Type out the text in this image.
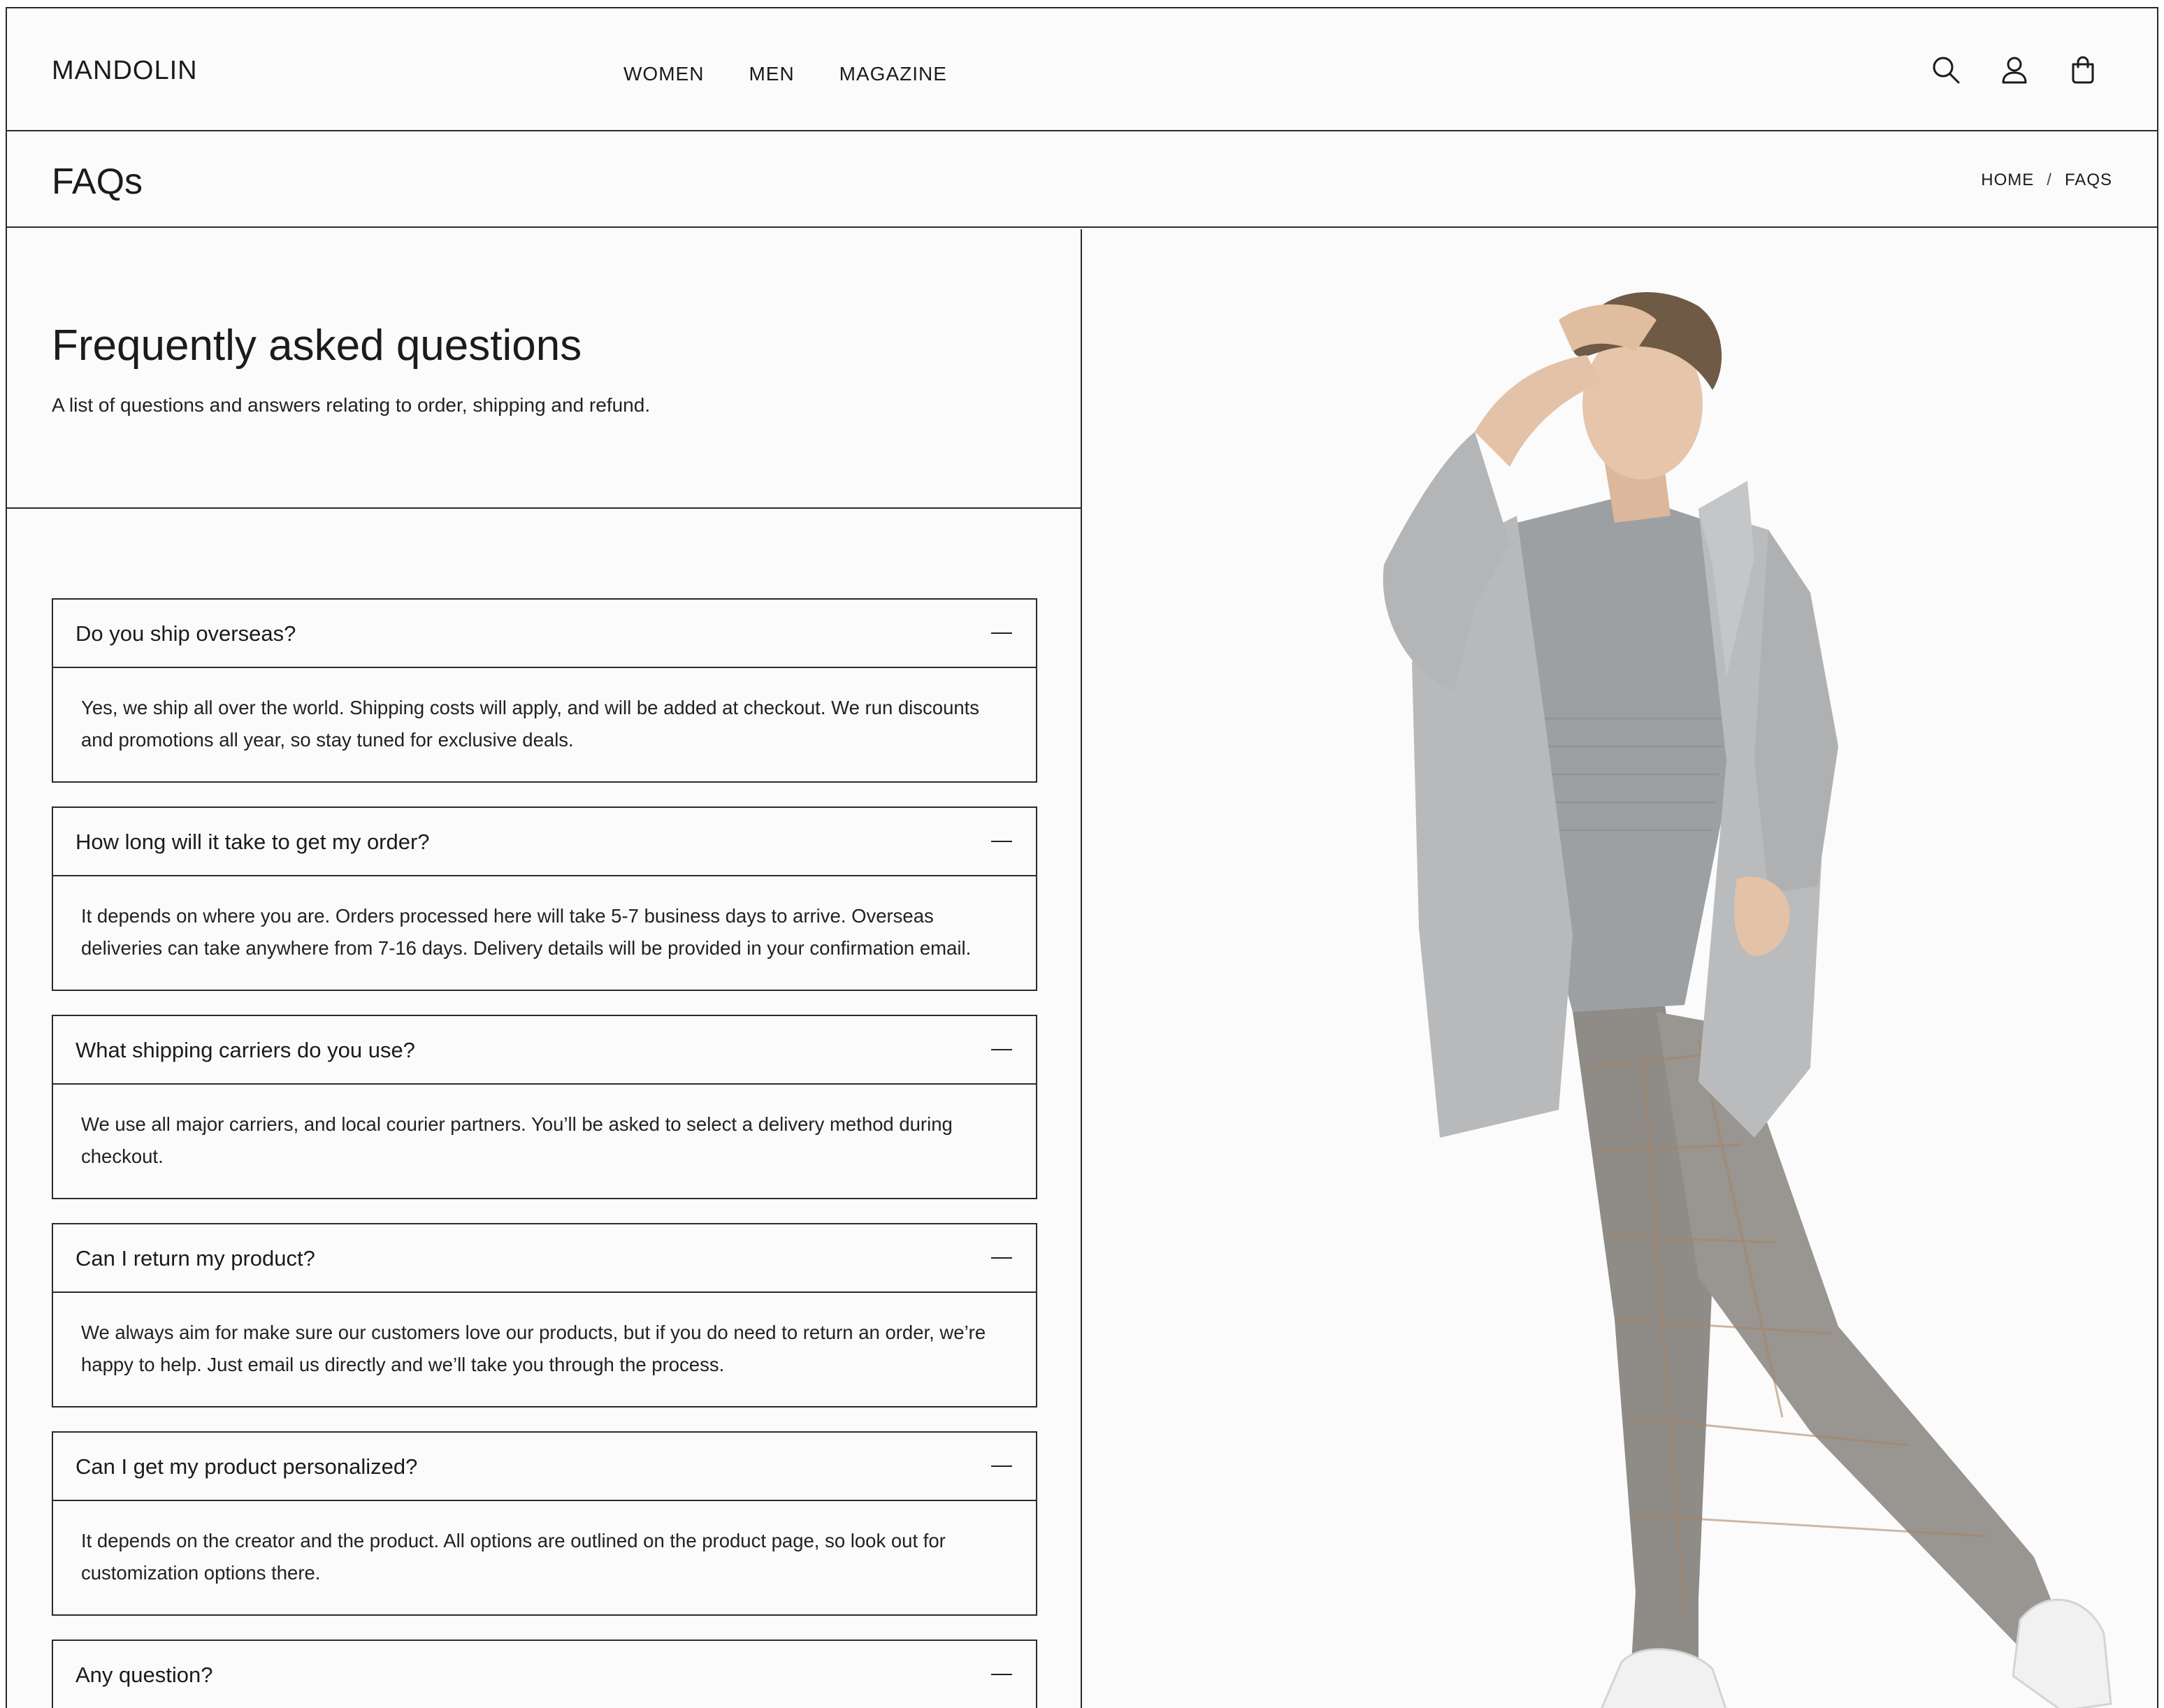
MANDOLIN	WOMEN MEN MAGAZINE
FAQs	HOME / FAQS
Frequently asked questions

A list of questions and answers relating to order, shipping and refund.

Do you ship overseas?
Yes, we ship all over the world. Shipping costs will apply, and will be added at checkout. We run discounts and promotions all year, so stay tuned for exclusive deals.
How long will it take to get my order?
It depends on where you are. Orders processed here will take 5-7 business days to arrive. Overseas deliveries can take anywhere from 7-16 days. Delivery details will be provided in your confirmation email.
What shipping carriers do you use?
We use all major carriers, and local courier partners. You’ll be asked to select a delivery method during checkout.
Can I return my product?
We always aim for make sure our customers love our products, but if you do need to return an order, we’re happy to help. Just email us directly and we’ll take you through the process.
Can I get my product personalized?
It depends on the creator and the product. All options are outlined on the product page, so look out for customization options there.
Any question?
